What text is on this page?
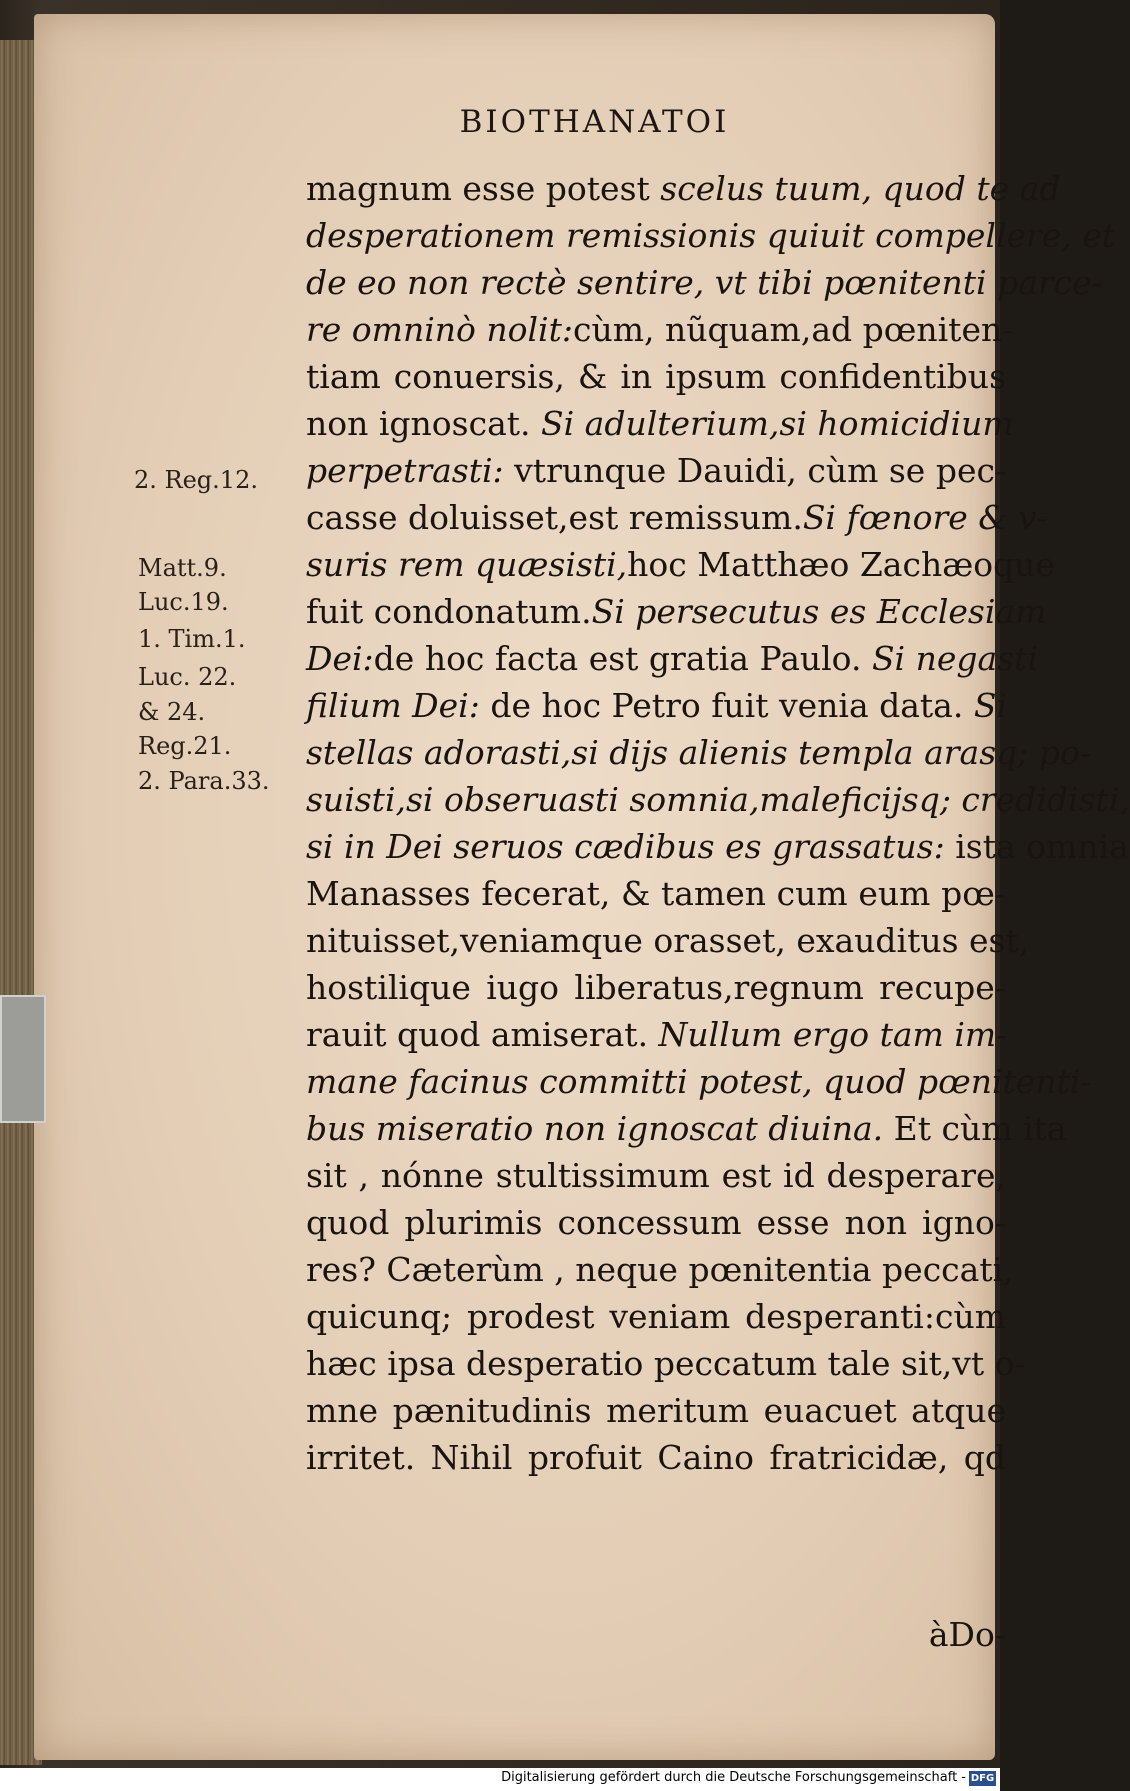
BIOTHANATOI
2. Reg.12.
Matt.9.
Luc.19.
1. Tim.1.
Luc. 22.
& 24.
Reg.21.
2. Para.33.
àDo-
magnum esse potest scelus tuum, quod te ad
desperationem remissionis quiuit compellere, et
de eo non rectè sentire, vt tibi pœnitenti parce-
re omninò nolit:cùm, nũquam,ad pœniten-
tiam conuersis, & in ipsum confidentibus
non ignoscat. Si adulterium,si homicidium
perpetrasti: vtrunque Dauidi, cùm se pec-
casse doluisset,est remissum.Si fœnore & v-
suris rem quæsisti,hoc Matthæo Zachæoque
fuit condonatum.Si persecutus es Ecclesiam
Dei:de hoc facta est gratia Paulo. Si negasti
filium Dei: de hoc Petro fuit venia data. Si
stellas adorasti,si dijs alienis templa arasq; po-
suisti,si obseruasti somnia,maleficijsq; credidisti,
si in Dei seruos cædibus es grassatus: ista omnia
Manasses fecerat, & tamen cum eum pœ-
nituisset,veniamque orasset, exauditus est,
hostilique iugo liberatus,regnum recupe-
rauit quod amiserat. Nullum ergo tam im-
mane facinus committi potest, quod pœnitenti-
bus miseratio non ignoscat diuina. Et cùm ita
sit , nónne stultissimum est id desperare,
quod plurimis concessum esse non igno-
res? Cæterùm , neque pœnitentia peccati,
quicunq; prodest veniam desperanti:cùm
hæc ipsa desperatio peccatum tale sit,vt o-
mne pænitudinis meritum euacuet atque
irritet. Nihil profuit Caino fratricidæ, qd
Digitalisierung gefördert durch die Deutsche Forschungsgemeinschaft - DFG
